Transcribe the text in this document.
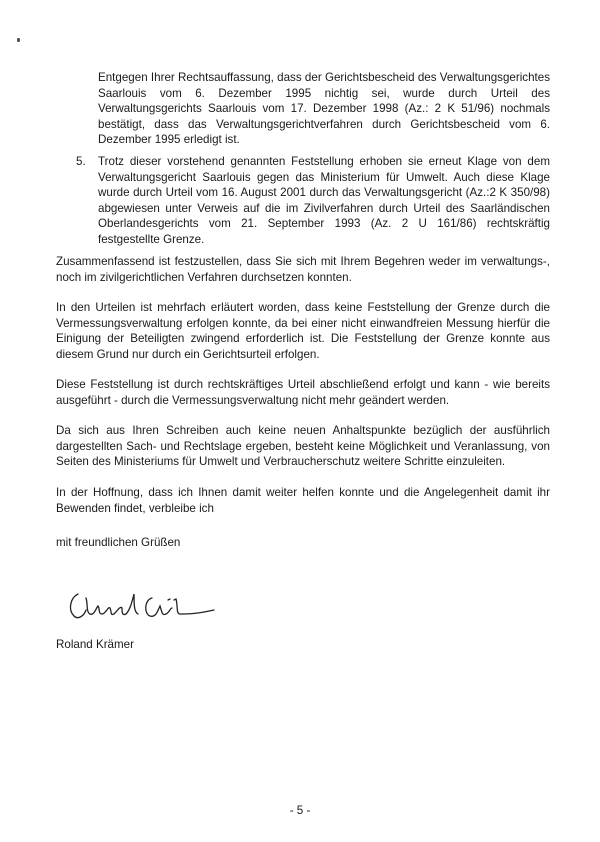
Entgegen Ihrer Rechtsauffassung, dass der Gerichtsbescheid des Verwaltungsgerichtes Saarlouis vom 6. Dezember 1995 nichtig sei, wurde durch Urteil des Verwaltungsgerichts Saarlouis vom 17. Dezember 1998 (Az.: 2 K 51/96) nochmals bestätigt, dass das Verwaltungsgerichtverfahren durch Gerichtsbescheid vom 6. Dezember 1995 erledigt ist.

5. Trotz dieser vorstehend genannten Feststellung erhoben sie erneut Klage von dem Verwaltungsgericht Saarlouis gegen das Ministerium für Umwelt. Auch diese Klage wurde durch Urteil vom 16. August 2001 durch das Verwaltungsgericht (Az.:2 K 350/98) abgewiesen unter Verweis auf die im Zivilverfahren durch Urteil des Saarländischen Oberlandesgerichts vom 21. September 1993 (Az. 2 U 161/86) rechtskräftig festgestellte Grenze.

Zusammenfassend ist festzustellen, dass Sie sich mit Ihrem Begehren weder im verwaltungs-, noch im zivilgerichtlichen Verfahren durchsetzen konnten.

In den Urteilen ist mehrfach erläutert worden, dass keine Feststellung der Grenze durch die Vermessungsverwaltung erfolgen konnte, da bei einer nicht einwandfreien Messung hierfür die Einigung der Beteiligten zwingend erforderlich ist. Die Feststellung der Grenze konnte aus diesem Grund nur durch ein Gerichtsurteil erfolgen.

Diese Feststellung ist durch rechtskräftiges Urteil abschließend erfolgt und kann - wie bereits ausgeführt - durch die Vermessungsverwaltung nicht mehr geändert werden.

Da sich aus Ihren Schreiben auch keine neuen Anhaltspunkte bezüglich der ausführlich dargestellten Sach- und Rechtslage ergeben, besteht keine Möglichkeit und Veranlassung, von Seiten des Ministeriums für Umwelt und Verbraucherschutz weitere Schritte einzuleiten.

In der Hoffnung, dass ich Ihnen damit weiter helfen konnte und die Angelegenheit damit ihr Bewenden findet, verbleibe ich

mit freundlichen Grüßen

Roland Krämer

- 5 -
